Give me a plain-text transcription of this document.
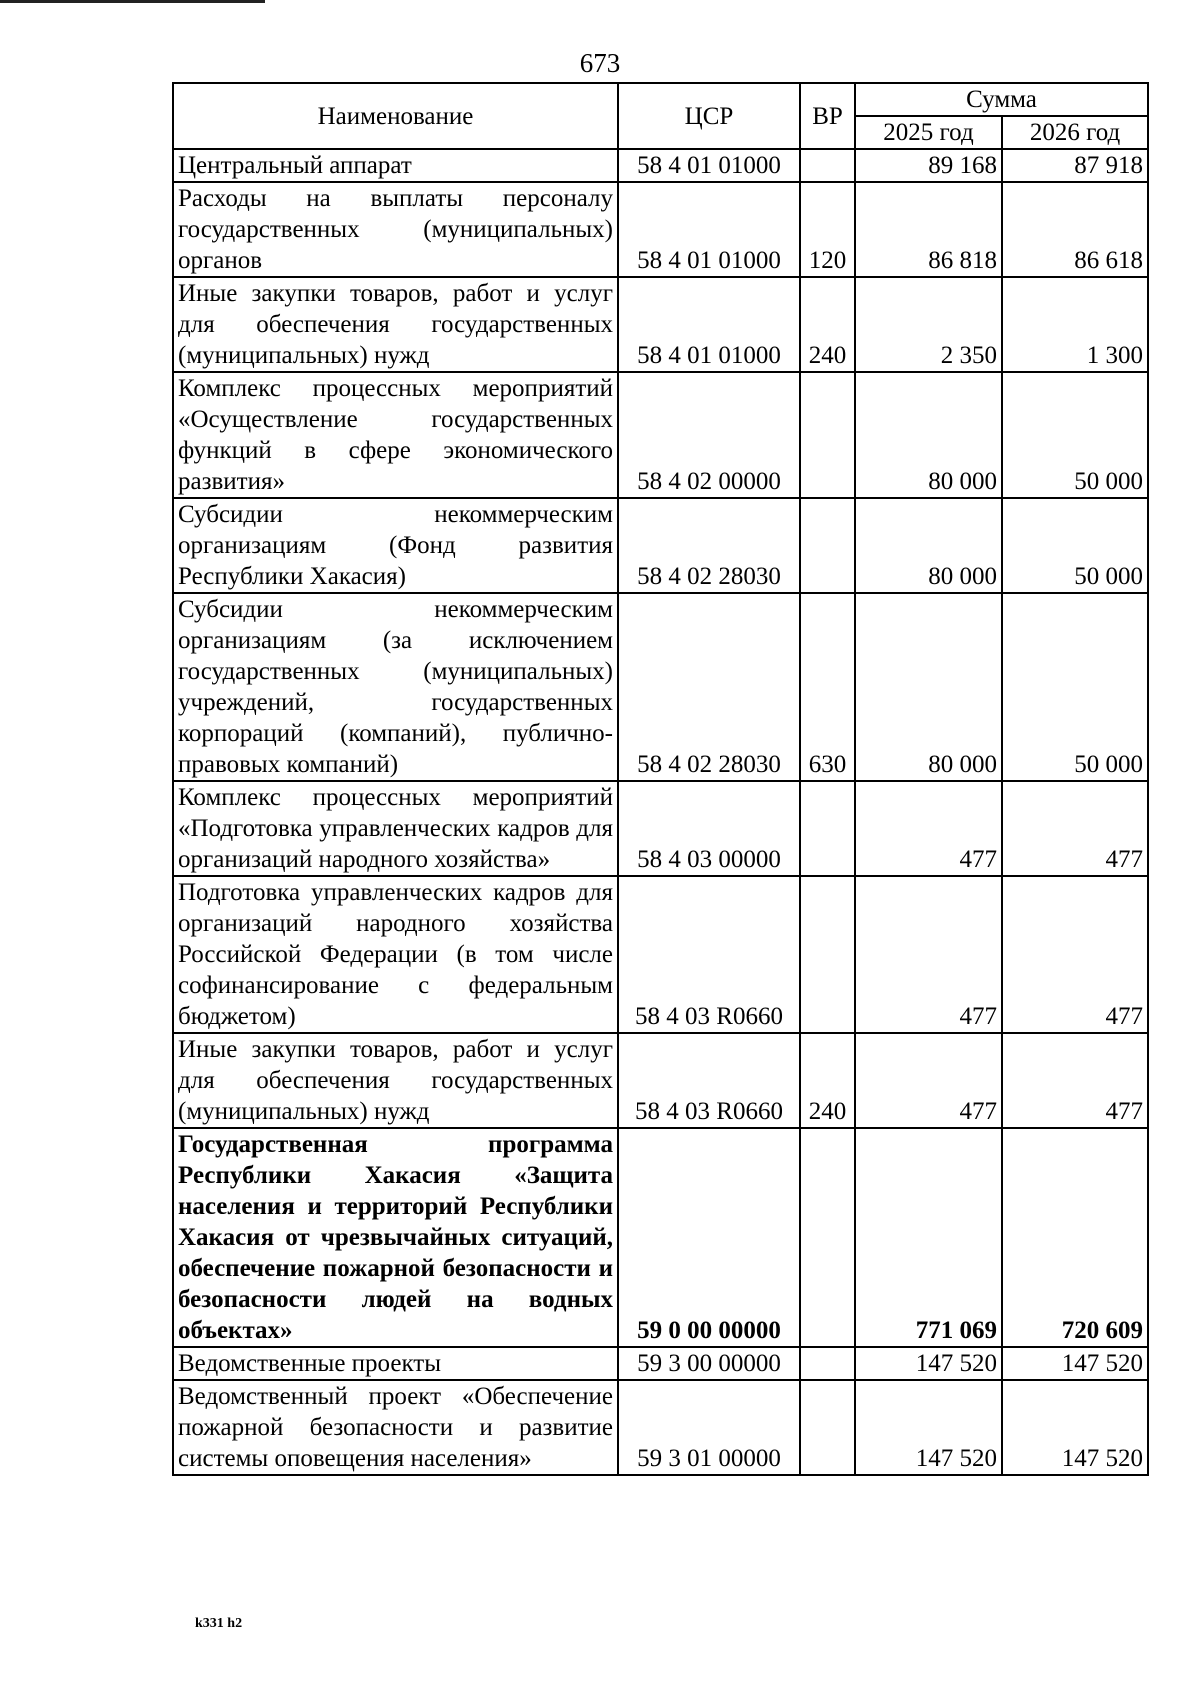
673
Наименование	ЦСР	ВР	Сумма	
			2025 год	2026 год
Центральный аппарат	58 4 01 01000		89 168	87 918
Расходы на выплаты персоналу государственных (муниципальных) органов	58 4 01 01000	120	86 818	86 618
Иные закупки товаров, работ и услуг для обеспечения государственных (муниципальных) нужд	58 4 01 01000	240	2 350	1 300
Комплекс процессных мероприятий «Осуществление государственных функций в сфере экономического развития»	58 4 02 00000		80 000	50 000
Субсидии некоммерческим организациям (Фонд развития Республики Хакасия)	58 4 02 28030		80 000	50 000
Субсидии некоммерческим организациям (за исключением государственных (муниципальных) учреждений, государственных корпораций (компаний), публично-правовых компаний)	58 4 02 28030	630	80 000	50 000
Комплекс процессных мероприятий «Подготовка управленческих кадров для организаций народного хозяйства»	58 4 03 00000		477	477
Подготовка управленческих кадров для организаций народного хозяйства Российской Федерации (в том числе софинансирование с федеральным бюджетом)	58 4 03 R0660		477	477
Иные закупки товаров, работ и услуг для обеспечения государственных (муниципальных) нужд	58 4 03 R0660	240	477	477
Государственная программа Республики Хакасия «Защита населения и территорий Республики Хакасия от чрезвычайных ситуаций, обеспечение пожарной безопасности и безопасности людей на водных объектах»	59 0 00 00000		771 069	720 609
Ведомственные проекты	59 3 00 00000		147 520	147 520
Ведомственный проект «Обеспечение пожарной безопасности и развитие системы оповещения населения»	59 3 01 00000		147 520	147 520
k331 h2
